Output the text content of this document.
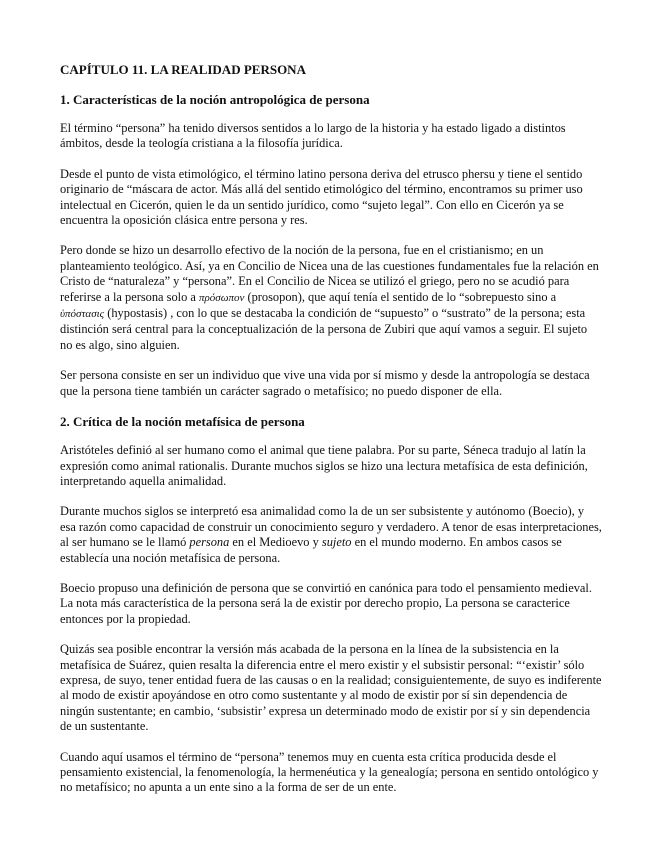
CAPÍTULO 11. LA REALIDAD PERSONA
1. Características de la noción antropológica de persona

El término “persona” ha tenido diversos sentidos a lo largo de la historia y ha estado ligado a distintos ámbitos, desde la teología cristiana a la filosofía jurídica.

Desde el punto de vista etimológico, el término latino persona deriva del etrusco phersu y tiene el sentido originario de “máscara de actor. Más allá del sentido etimológico del término, encontramos su primer uso intelectual en Cicerón, quien le da un sentido jurídico, como “sujeto legal”. Con ello en Cicerón ya se encuentra la oposición clásica entre persona y res.

Pero donde se hizo un desarrollo efectivo de la noción de la persona, fue en el cristianismo; en un planteamiento teológico. Así, ya en Concilio de Nicea una de las cuestiones fundamentales fue la relación en Cristo de “naturaleza” y “persona”. En el Concilio de Nicea se utilizó el griego, pero no se acudió para referirse a la persona solo a πρόσωπον (prosopon), que aquí tenía el sentido de lo “sobrepuesto sino a ὑπόστασις (hypostasis) , con lo que se destacaba la condición de “supuesto” o “sustrato” de la persona; esta distinción será central para la conceptualización de la persona de Zubiri que aquí vamos a seguir. El sujeto no es algo, sino alguien.

Ser persona consiste en ser un individuo que vive una vida por sí mismo y desde la antropología se destaca que la persona tiene también un carácter sagrado o metafísico; no puedo disponer de ella.

2. Crítica de la noción metafísica de persona

Aristóteles definió al ser humano como el animal que tiene palabra. Por su parte, Séneca tradujo al latín la expresión como animal rationalis. Durante muchos siglos se hizo una lectura metafísica de esta definición, interpretando aquella animalidad.

Durante muchos siglos se interpretó esa animalidad como la de un ser subsistente y autónomo (Boecio), y esa razón como capacidad de construir un conocimiento seguro y verdadero. A tenor de esas interpretaciones, al ser humano se le llamó persona en el Medioevo y sujeto en el mundo moderno. En ambos casos se establecía una noción metafísica de persona.

Boecio propuso una definición de persona que se convirtió en canónica para todo el pensamiento medieval. La nota más característica de la persona será la de existir por derecho propio, La persona se caracterice entonces por la propiedad.

Quizás sea posible encontrar la versión más acabada de la persona en la línea de la subsistencia en la metafísica de Suárez, quien resalta la diferencia entre el mero existir y el subsistir personal: “‘existir’ sólo expresa, de suyo, tener entidad fuera de las causas o en la realidad; consiguientemente, de suyo es indiferente al modo de existir apoyándose en otro como sustentante y al modo de existir por sí sin dependencia de ningún sustentante; en cambio, ‘subsistir’ expresa un determinado modo de existir por sí y sin dependencia de un sustentante.

Cuando aquí usamos el término de “persona” tenemos muy en cuenta esta crítica producida desde el pensamiento existencial, la fenomenología, la hermenéutica y la genealogía; persona en sentido ontológico y no metafísico; no apunta a un ente sino a la forma de ser de un ente.
